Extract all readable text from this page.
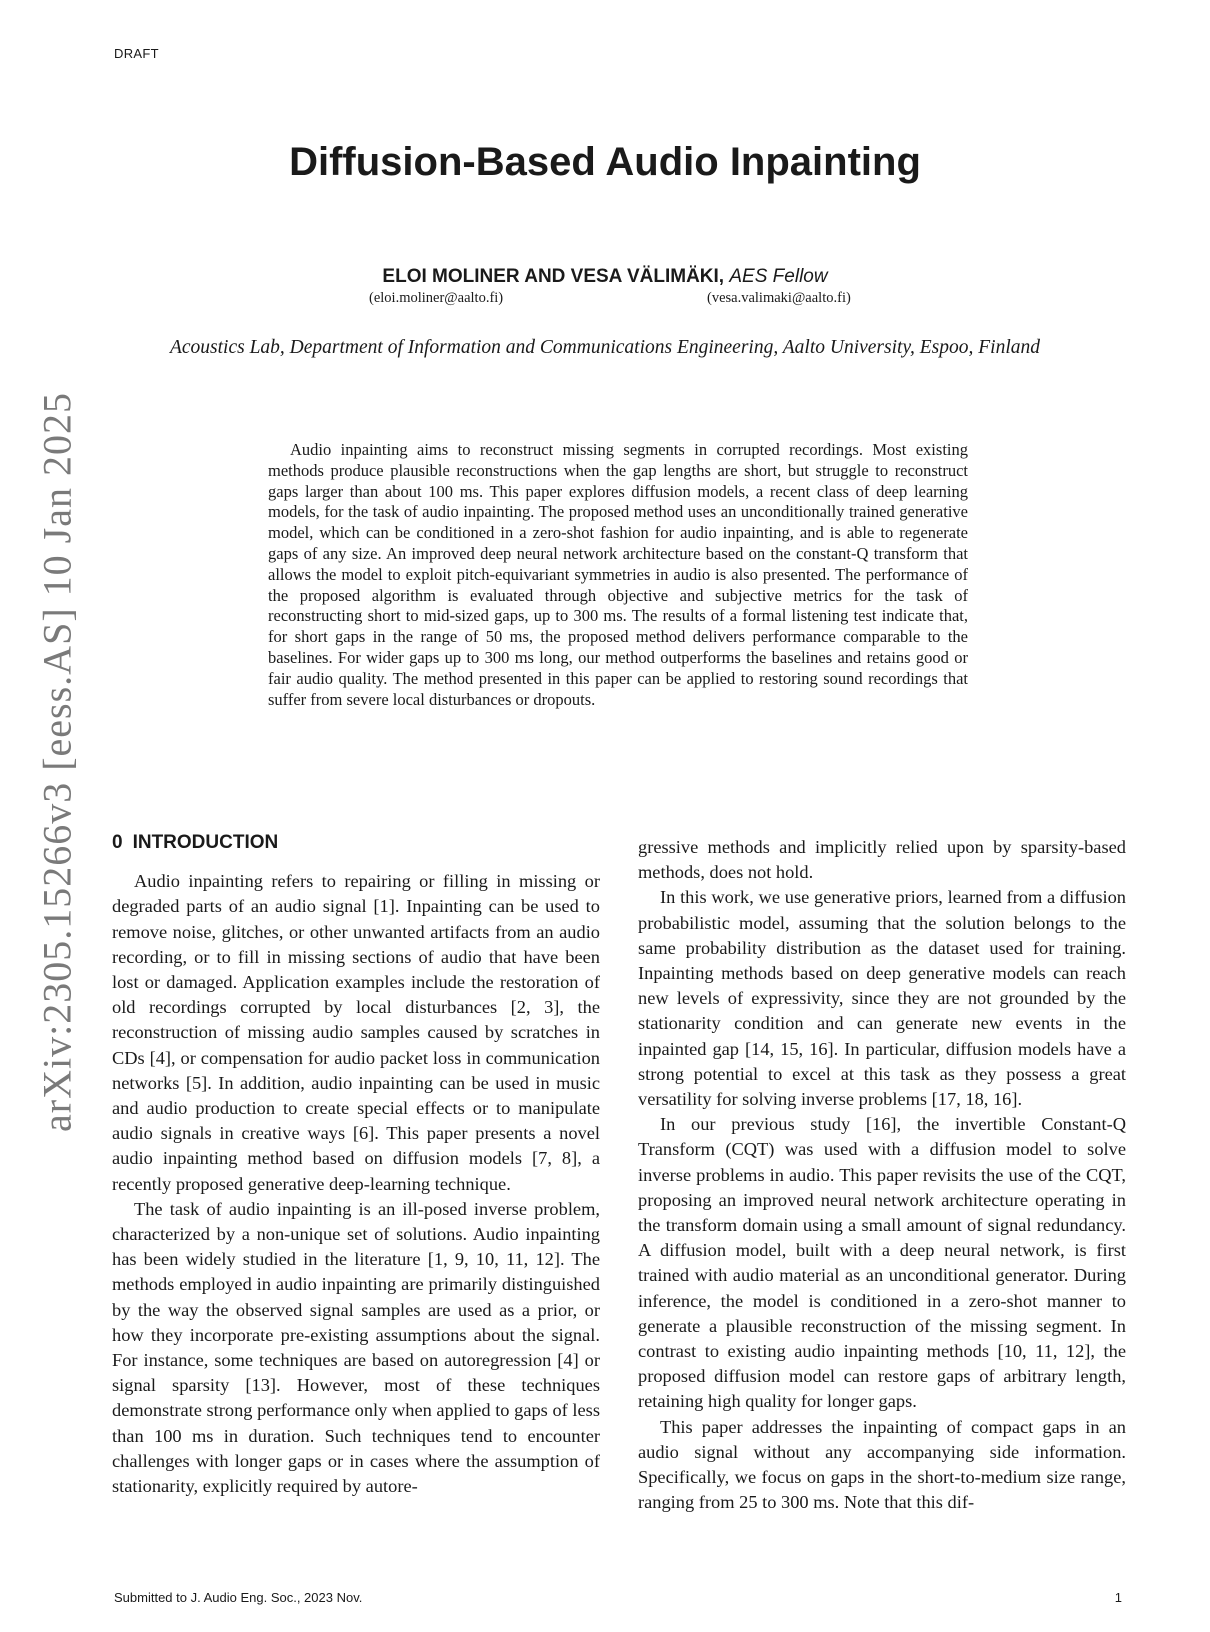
DRAFT
arXiv:2305.15266v3 [eess.AS] 10 Jan 2025
Diffusion-Based Audio Inpainting
ELOI MOLINER AND VESA VÄLIMÄKI, AES Fellow
(eloi.moliner@aalto.fi)	(vesa.valimaki@aalto.fi)
Acoustics Lab, Department of Information and Communications Engineering, Aalto University, Espoo, Finland

Audio inpainting aims to reconstruct missing segments in corrupted recordings. Most existing methods produce plausible reconstructions when the gap lengths are short, but struggle to reconstruct gaps larger than about 100 ms. This paper explores diffusion models, a recent class of deep learning models, for the task of audio inpainting. The proposed method uses an unconditionally trained generative model, which can be conditioned in a zero-shot fashion for audio inpainting, and is able to regenerate gaps of any size. An improved deep neural network architecture based on the constant-Q transform that allows the model to exploit pitch-equivariant symmetries in audio is also presented. The performance of the proposed algorithm is evaluated through objective and subjective metrics for the task of reconstructing short to mid-sized gaps, up to 300 ms. The results of a formal listening test indicate that, for short gaps in the range of 50 ms, the proposed method delivers performance comparable to the baselines. For wider gaps up to 300 ms long, our method outperforms the baselines and retains good or fair audio quality. The method presented in this paper can be applied to restoring sound recordings that suffer from severe local disturbances or dropouts.

0 INTRODUCTION

Audio inpainting refers to repairing or filling in missing or degraded parts of an audio signal [1]. Inpainting can be used to remove noise, glitches, or other unwanted artifacts from an audio recording, or to fill in missing sections of audio that have been lost or damaged. Application examples include the restoration of old recordings corrupted by local disturbances [2, 3], the reconstruction of missing audio samples caused by scratches in CDs [4], or compensation for audio packet loss in communication networks [5]. In addition, audio inpainting can be used in music and audio production to create special effects or to manipulate audio signals in creative ways [6]. This paper presents a novel audio inpainting method based on diffusion models [7, 8], a recently proposed generative deep-learning technique.

The task of audio inpainting is an ill-posed inverse problem, characterized by a non-unique set of solutions. Audio inpainting has been widely studied in the literature [1, 9, 10, 11, 12]. The methods employed in audio inpainting are primarily distinguished by the way the observed signal samples are used as a prior, or how they incorporate pre-existing assumptions about the signal. For instance, some techniques are based on autoregression [4] or signal sparsity [13]. However, most of these techniques demonstrate strong performance only when applied to gaps of less than 100 ms in duration. Such techniques tend to encounter challenges with longer gaps or in cases where the assumption of stationarity, explicitly required by autore-

gressive methods and implicitly relied upon by sparsity-based methods, does not hold.

In this work, we use generative priors, learned from a diffusion probabilistic model, assuming that the solution belongs to the same probability distribution as the dataset used for training. Inpainting methods based on deep generative models can reach new levels of expressivity, since they are not grounded by the stationarity condition and can generate new events in the inpainted gap [14, 15, 16]. In particular, diffusion models have a strong potential to excel at this task as they possess a great versatility for solving inverse problems [17, 18, 16].

In our previous study [16], the invertible Constant-Q Transform (CQT) was used with a diffusion model to solve inverse problems in audio. This paper revisits the use of the CQT, proposing an improved neural network architecture operating in the transform domain using a small amount of signal redundancy. A diffusion model, built with a deep neural network, is first trained with audio material as an unconditional generator. During inference, the model is conditioned in a zero-shot manner to generate a plausible reconstruction of the missing segment. In contrast to existing audio inpainting methods [10, 11, 12], the proposed diffusion model can restore gaps of arbitrary length, retaining high quality for longer gaps.

This paper addresses the inpainting of compact gaps in an audio signal without any accompanying side information. Specifically, we focus on gaps in the short-to-medium size range, ranging from 25 to 300 ms. Note that this dif-

Submitted to J. Audio Eng. Soc., 2023 Nov.	1
